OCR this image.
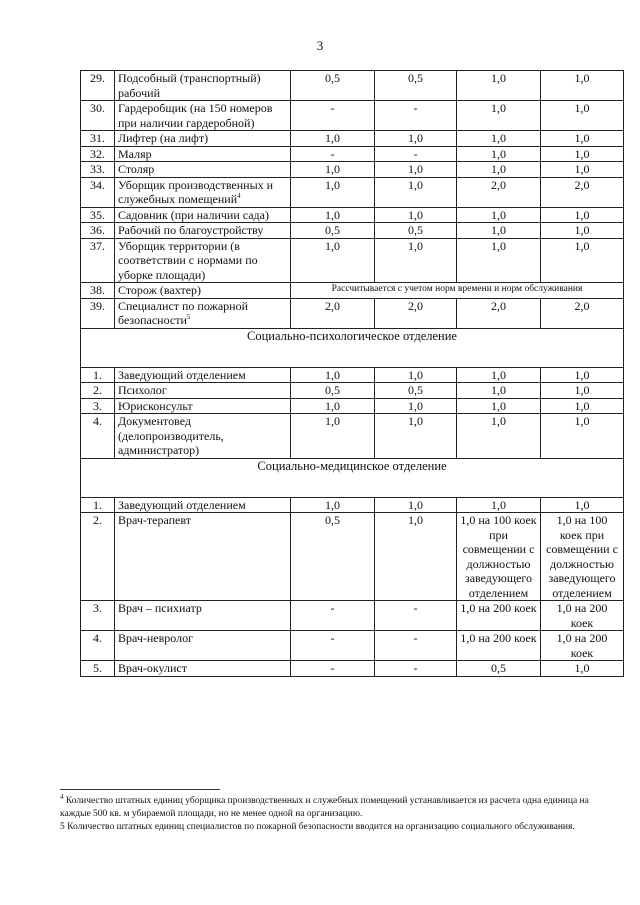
3
29.	Подсобный (транспортный) рабочий	0,5	0,5	1,0	1,0
30.	Гардеробщик (на 150 номеров при наличии гардеробной)	-	-	1,0	1,0
31.	Лифтер (на лифт)	1,0	1,0	1,0	1,0
32.	Маляр	-	-	1,0	1,0
33.	Столяр	1,0	1,0	1,0	1,0
34.	Уборщик производственных и служебных помещений$^4$	1,0	1,0	2,0	2,0
35.	Садовник (при наличии сада)	1,0	1,0	1,0	1,0
36.	Рабочий по благоустройству	0,5	0,5	1,0	1,0
37.	Уборщик территории (в соответствии с нормами по уборке площади)	1,0	1,0	1,0	1,0
38.	Сторож (вахтер)	Рассчитывается с учетом норм времени и норм обслуживания			
39.	Специалист по пожарной безопасности$^5$	2,0	2,0	2,0	2,0
Социально-психологическое отделение					
1.	Заведующий отделением	1,0	1,0	1,0	1,0
2.	Психолог	0,5	0,5	1,0	1,0
3.	Юрисконсульт	1,0	1,0	1,0	1,0
4.	Документовед (делопроизводитель, администратор)	1,0	1,0	1,0	1,0
Социально-медицинское отделение					
1.	Заведующий отделением	1,0	1,0	1,0	1,0
2.	Врач-терапевт	0,5	1,0	1,0 на 100 коек при совмещении с должностью заведующего отделением	1,0 на 100 коек при совмещении с должностью заведующего отделением
3.	Врач – психиатр	-	-	1,0 на 200 коек	1,0 на 200 коек
4.	Врач-невролог	-	-	1,0 на 200 коек	1,0 на 200 коек
5.	Врач-окулист	-	-	0,5	1,0
$^4$ Количество штатных единиц уборщика производственных и служебных помещений устанавливается из расчета одна единица на каждые 500 кв. м убираемой площади, но не менее одной на организацию.
5 Количество штатных единиц специалистов по пожарной безопасности вводится на организацию социального обслуживания.
